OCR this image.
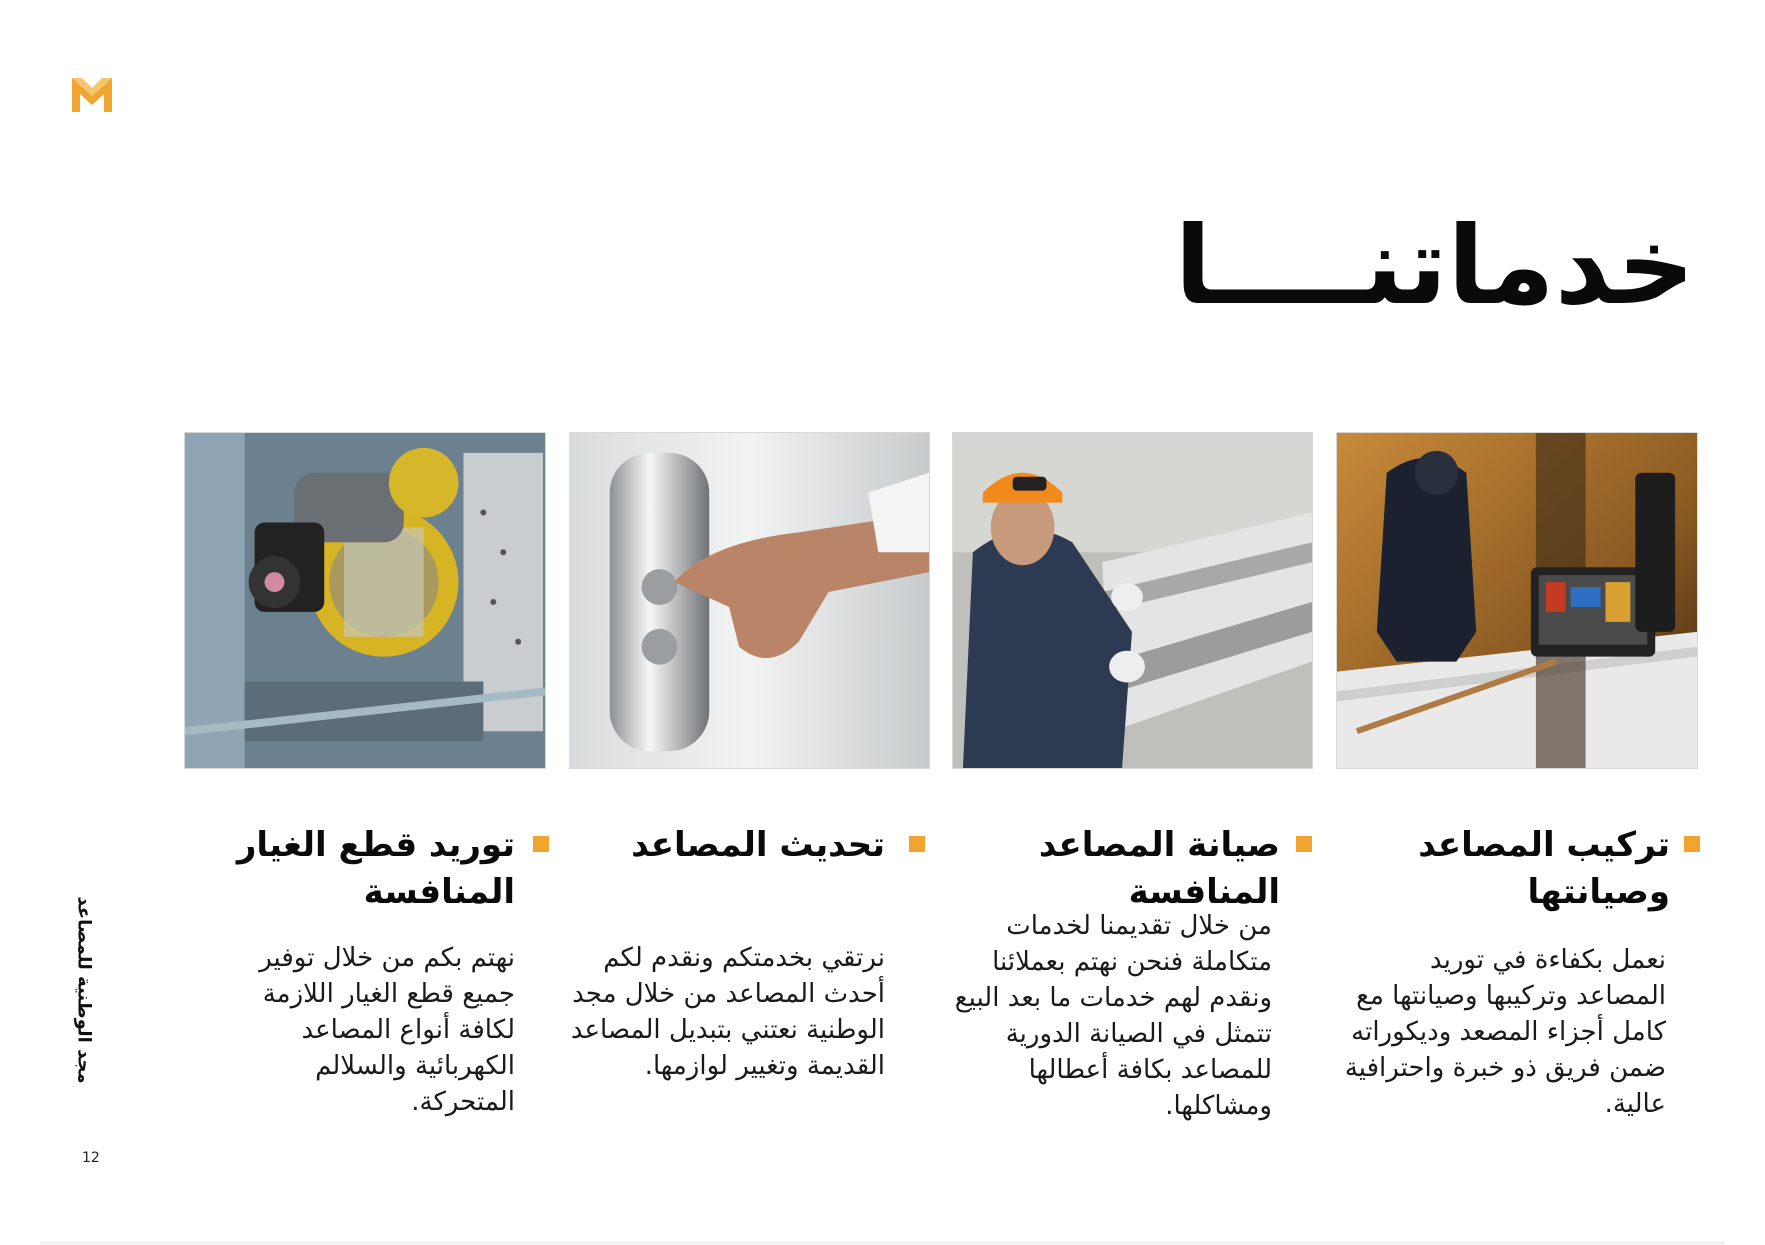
خدماتنــــا
تركيب المصاعد وصيانتها

نعمل بكفاءة في توريد المصاعد وتركيبها وصيانتها مع كامل أجزاء المصعد وديكوراته ضمن فريق ذو خبرة واحترافية عالية.

صيانة المصاعد المنافسة

من خلال تقديمنا لخدمات متكاملة فنحن نهتم بعملائنا ونقدم لهم خدمات ما بعد البيع تتمثل في الصيانة الدورية للمصاعد بكافة أعطالها ومشاكلها.

تحديث المصاعد

نرتقي بخدمتكم ونقدم لكم أحدث المصاعد من خلال مجد الوطنية نعتني بتبديل المصاعد القديمة وتغيير لوازمها.

توريد قطع الغيار المنافسة

نهتم بكم من خلال توفير جميع قطع الغيار اللازمة لكافة أنواع المصاعد الكهربائية والسلالم المتحركة.

مجد الوطنية للمصاعد
12
